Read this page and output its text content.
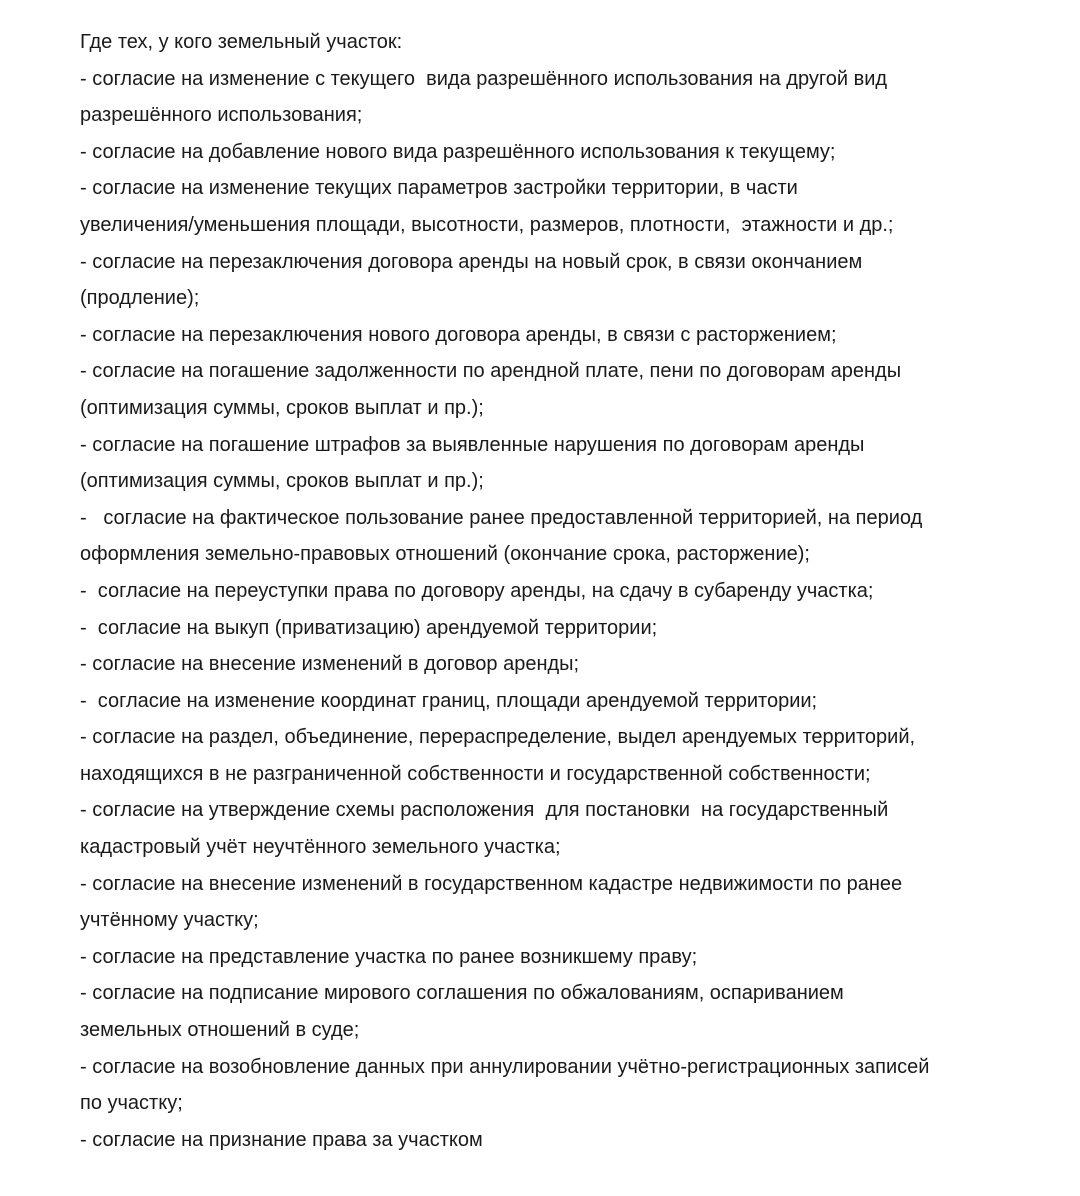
Где тех, у кого земельный участок:
- согласие на изменение с текущего  вида разрешённого использования на другой вид
разрешённого использования;
- согласие на добавление нового вида разрешённого использования к текущему;
- согласие на изменение текущих параметров застройки территории, в части
увеличения/уменьшения площади, высотности, размеров, плотности,  этажности и др.;
- согласие на перезаключения договора аренды на новый срок, в связи окончанием
(продление);
- согласие на перезаключения нового договора аренды, в связи с расторжением;
- согласие на погашение задолженности по арендной плате, пени по договорам аренды
(оптимизация суммы, сроков выплат и пр.);
- согласие на погашение штрафов за выявленные нарушения по договорам аренды
(оптимизация суммы, сроков выплат и пр.);
-   согласие на фактическое пользование ранее предоставленной территорией, на период
оформления земельно-правовых отношений (окончание срока, расторжение);
-  согласие на переуступки права по договору аренды, на сдачу в субаренду участка;
-  согласие на выкуп (приватизацию) арендуемой территории;
- согласие на внесение изменений в договор аренды;
-  согласие на изменение координат границ, площади арендуемой территории;
- согласие на раздел, объединение, перераспределение, выдел арендуемых территорий,
находящихся в не разграниченной собственности и государственной собственности;
- согласие на утверждение схемы расположения  для постановки  на государственный
кадастровый учёт неучтённого земельного участка;
- согласие на внесение изменений в государственном кадастре недвижимости по ранее
учтённому участку;
- согласие на представление участка по ранее возникшему праву;
- согласие на подписание мирового соглашения по обжалованиям, оспариванием
земельных отношений в суде;
- согласие на возобновление данных при аннулировании учётно-регистрационных записей
по участку;
- согласие на признание права за участком
